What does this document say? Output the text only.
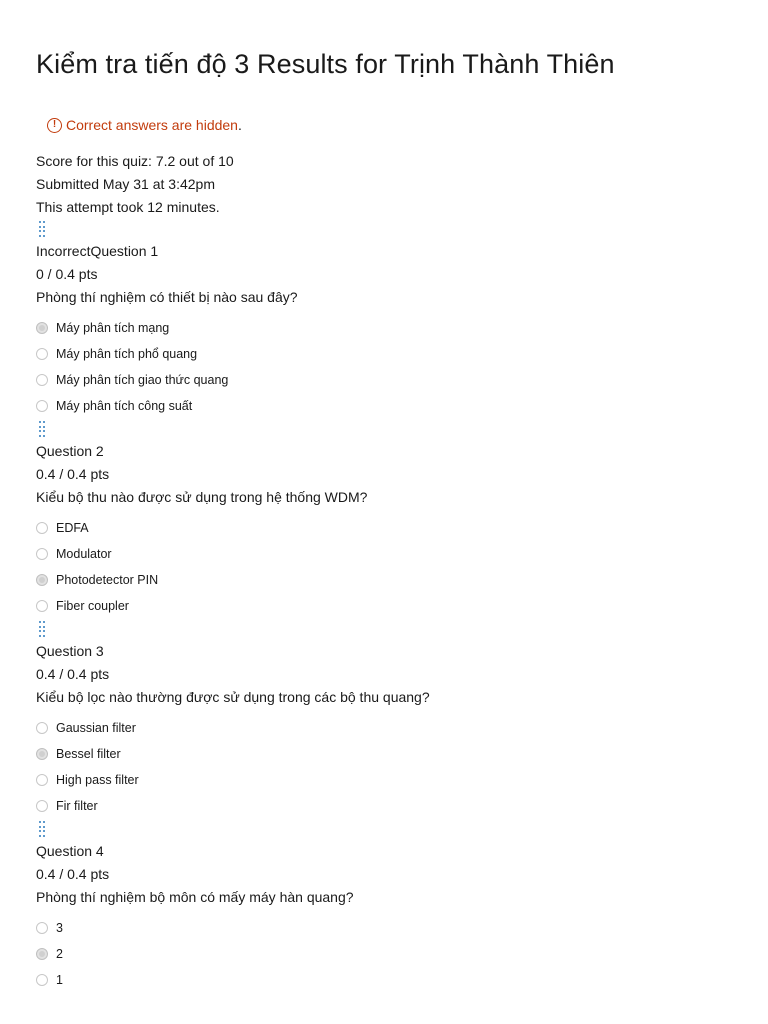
Kiểm tra tiến độ 3 Results for Trịnh Thành Thiên
! Correct answers are hidden .
Score for this quiz: 7.2 out of 10
Submitted May 31 at 3:42pm
This attempt took 12 minutes.
IncorrectQuestion 1
0 / 0.4 pts
Phòng thí nghiệm có thiết bị nào sau đây?
Máy phân tích mạng
Máy phân tích phổ quang
Máy phân tích giao thức quang
Máy phân tích công suất
Question 2
0.4 / 0.4 pts
Kiểu bộ thu nào được sử dụng trong hệ thống WDM?
EDFA
Modulator
Photodetector PIN
Fiber coupler
Question 3
0.4 / 0.4 pts
Kiểu bộ lọc nào thường được sử dụng trong các bộ thu quang?
Gaussian filter
Bessel filter
High pass filter
Fir filter
Question 4
0.4 / 0.4 pts
Phòng thí nghiệm bộ môn có mấy máy hàn quang?
3
2
1
